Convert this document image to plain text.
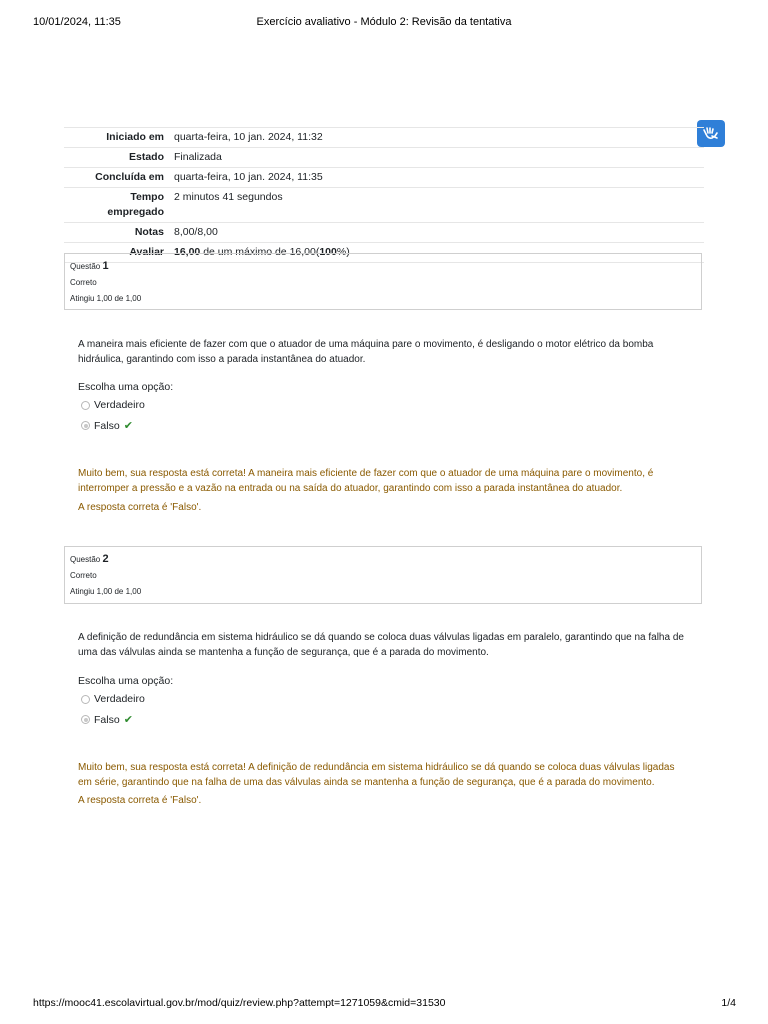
10/01/2024, 11:35	Exercício avaliativo - Módulo 2: Revisão da tentativa
Iniciado em	quarta-feira, 10 jan. 2024, 11:32
Estado	Finalizada
Concluída em	quarta-feira, 10 jan. 2024, 11:35
Tempo
empregado	2 minutos 41 segundos
Notas	8,00/8,00
Avaliar	16,00 de um máximo de 16,00(100%)
Questão 1
Correto
Atingiu 1,00 de 1,00
A maneira mais eficiente de fazer com que o atuador de uma máquina pare o movimento, é desligando o motor elétrico da bomba hidráulica, garantindo com isso a parada instantânea do atuador.
Escolha uma opção:
Verdadeiro
Falso ✔
Muito bem, sua resposta está correta! A maneira mais eficiente de fazer com que o atuador de uma máquina pare o movimento, é interromper a pressão e a vazão na entrada ou na saída do atuador, garantindo com isso a parada instantânea do atuador.
A resposta correta é 'Falso'.
Questão 2
Correto
Atingiu 1,00 de 1,00
A definição de redundância em sistema hidráulico se dá quando se coloca duas válvulas ligadas em paralelo, garantindo que na falha de uma das válvulas ainda se mantenha a função de segurança, que é a parada do movimento.
Escolha uma opção:
Verdadeiro
Falso ✔
Muito bem, sua resposta está correta! A definição de redundância em sistema hidráulico se dá quando se coloca duas válvulas ligadas em série, garantindo que na falha de uma das válvulas ainda se mantenha a função de segurança, que é a parada do movimento.
A resposta correta é 'Falso'.
https://mooc41.escolavirtual.gov.br/mod/quiz/review.php?attempt=1271059&cmid=31530	1/4
